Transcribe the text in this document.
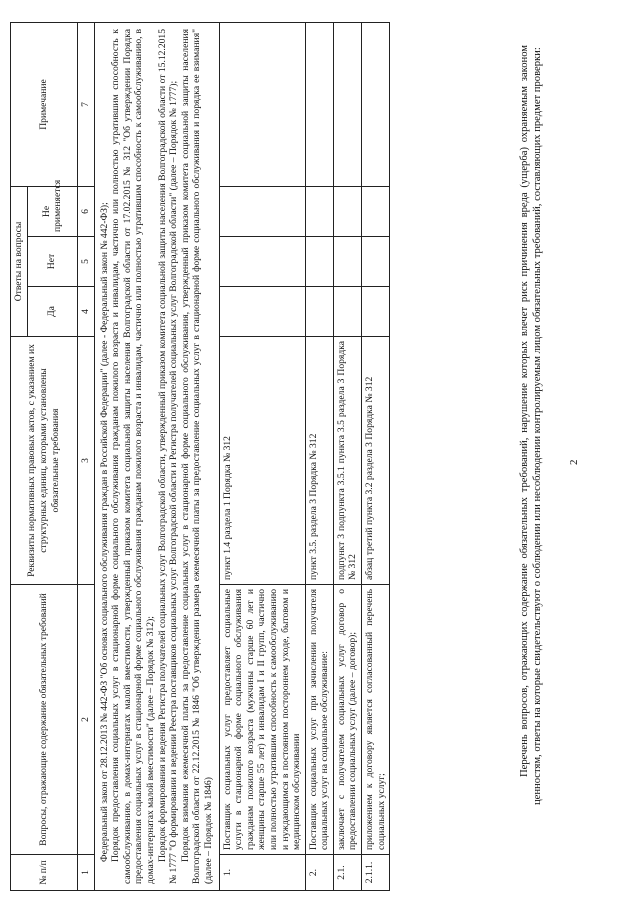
2

Перечень вопросов, отражающих содержание обязательных требований, нарушение которых влечет риск причинения вреда (ущерба) охраняемым законом ценностям, ответы на которые свидетельствуют о соблюдении или несоблюдении контролируемым лицом обязательных требований, составляющих предмет проверки:

№ п/п	Вопросы, отражающие содержание обязательных требований	Реквизиты нормативных правовых актов, с указанием их структурных единиц, которыми установлены обязательные требования	Ответы на вопросы			Примечание
			Да	Нет	Не применяется	
1	2	3	4	5	6	7

Федеральный закон от 28.12.2013 № 442-ФЗ "Об основах социального обслуживания граждан в Российской Федерации" (далее - Федеральный закон № 442-ФЗ); Порядок предоставления социальных услуг в стационарной форме социального обслуживания гражданам пожилого возраста и инвалидам, частично или полностью утратившим способность к самообслуживанию, в домах-интернатах малой вместимости, утвержденный приказом комитета социальной защиты населения Волгоградской области от 17.02.2015 № 312 "Об утверждении Порядка предоставления социальных услуг в стационарной форме социального обслуживания гражданам пожилого возраста и инвалидам, частично или полностью утратившим способность к самообслуживанию, в домах-интернатах малой вместимости" (далее – Порядок № 312); Порядок формирования и ведения Регистра получателей социальных услуг Волгоградской области, утвержденный приказом комитета социальной защиты населения Волгоградской области от 15.12.2015 № 1777 "О формировании и ведении Реестра поставщиков социальных услуг Волгоградской области и Регистра получателей социальных услуг Волгоградской области" (далее – Порядок № 1777); Порядок взимания ежемесячной платы за предоставление социальных услуг в стационарной форме социального обслуживания, утвержденный приказом комитета социальной защиты населения Волгоградской области от 22.12.2015 № 1846 "Об утверждении размера ежемесячной платы за предоставление социальных услуг в стационарной форме социального обслуживания и порядка ее взимания" (далее – Порядок № 1846)						

1.	Поставщик социальных услуг предоставляет социальные услуги в стационарной форме социального обслуживания гражданам пожилого возраста (мужчины старше 60 лет и женщины старше 55 лет) и инвалидам I и II групп, частично или полностью утратившим способность к самообслуживанию и нуждающимся в постоянном постороннем уходе, бытовом и медицинском обслуживании	пункт 1.4 раздела 1 Порядка № 312				
2.	Поставщик социальных услуг при зачислении получателя социальных услуг на социальное обслуживание:	пункт 3.5. раздела 3 Порядка № 312				
2.1.	заключает с получателем социальных услуг договор о предоставлении социальных услуг (далее – договор);	подпункт 3 подпункта 3.5.1 пункта 3.5 раздела 3 Порядка № 312				
2.1.1.	приложением к договору является согласованный перечень социальных услуг;	абзац третий пункта 3.2 раздела 3 Порядка № 312				
